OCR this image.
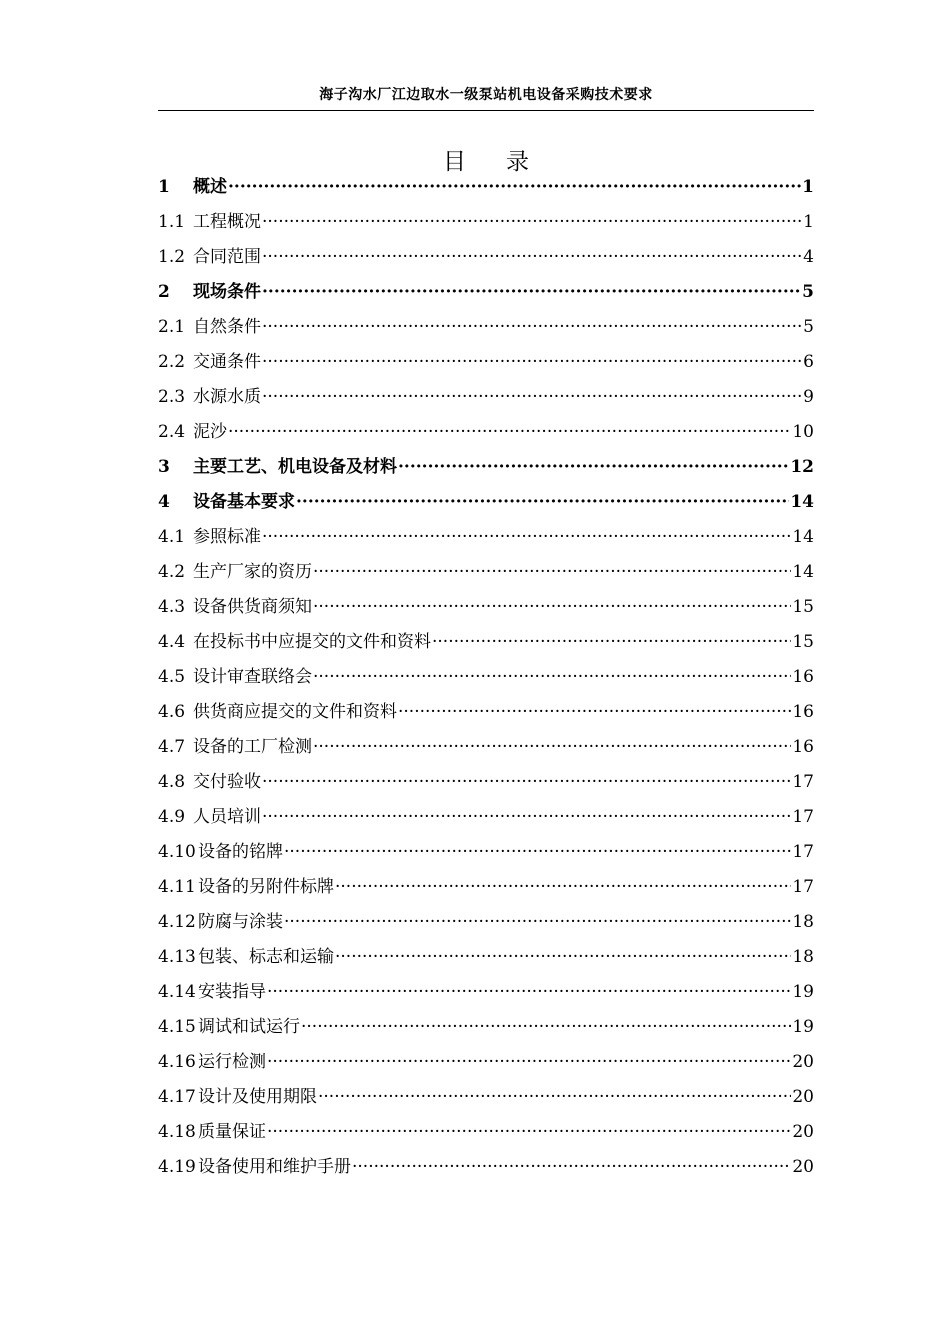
海子沟水厂江边取水一级泵站机电设备采购技术要求
目录
1	概述 ·····	1
1.1 工程概况 ·····	1
1.2 合同范围 ·····	4
2	现场条件 ·····	5
2.1 自然条件 ·····	5
2.2 交通条件 ·····	6
2.3 水源水质 ·····	9
2.4 泥沙 ·····	10
3	主要工艺、机电设备及材料 ·····	12
4	设备基本要求 ·····	14
4.1 参照标准 ·····	14
4.2 生产厂家的资历 ·····	14
4.3 设备供货商须知 ·····	15
4.4 在投标书中应提交的文件和资料 ·····	15
4.5 设计审查联络会 ·····	16
4.6 供货商应提交的文件和资料 ·····	16
4.7 设备的工厂检测 ·····	16
4.8 交付验收 ·····	17
4.9 人员培训 ·····	17
4.10 设备的铭牌 ·····	17
4.11 设备的另附件标牌 ·····	17
4.12 防腐与涂装 ·····	18
4.13 包装、标志和运输 ·····	18
4.14 安装指导 ·····	19
4.15 调试和试运行 ·····	19
4.16 运行检测 ·····	20
4.17 设计及使用期限 ·····	20
4.18 质量保证 ·····	20
4.19 设备使用和维护手册 ·····	20
